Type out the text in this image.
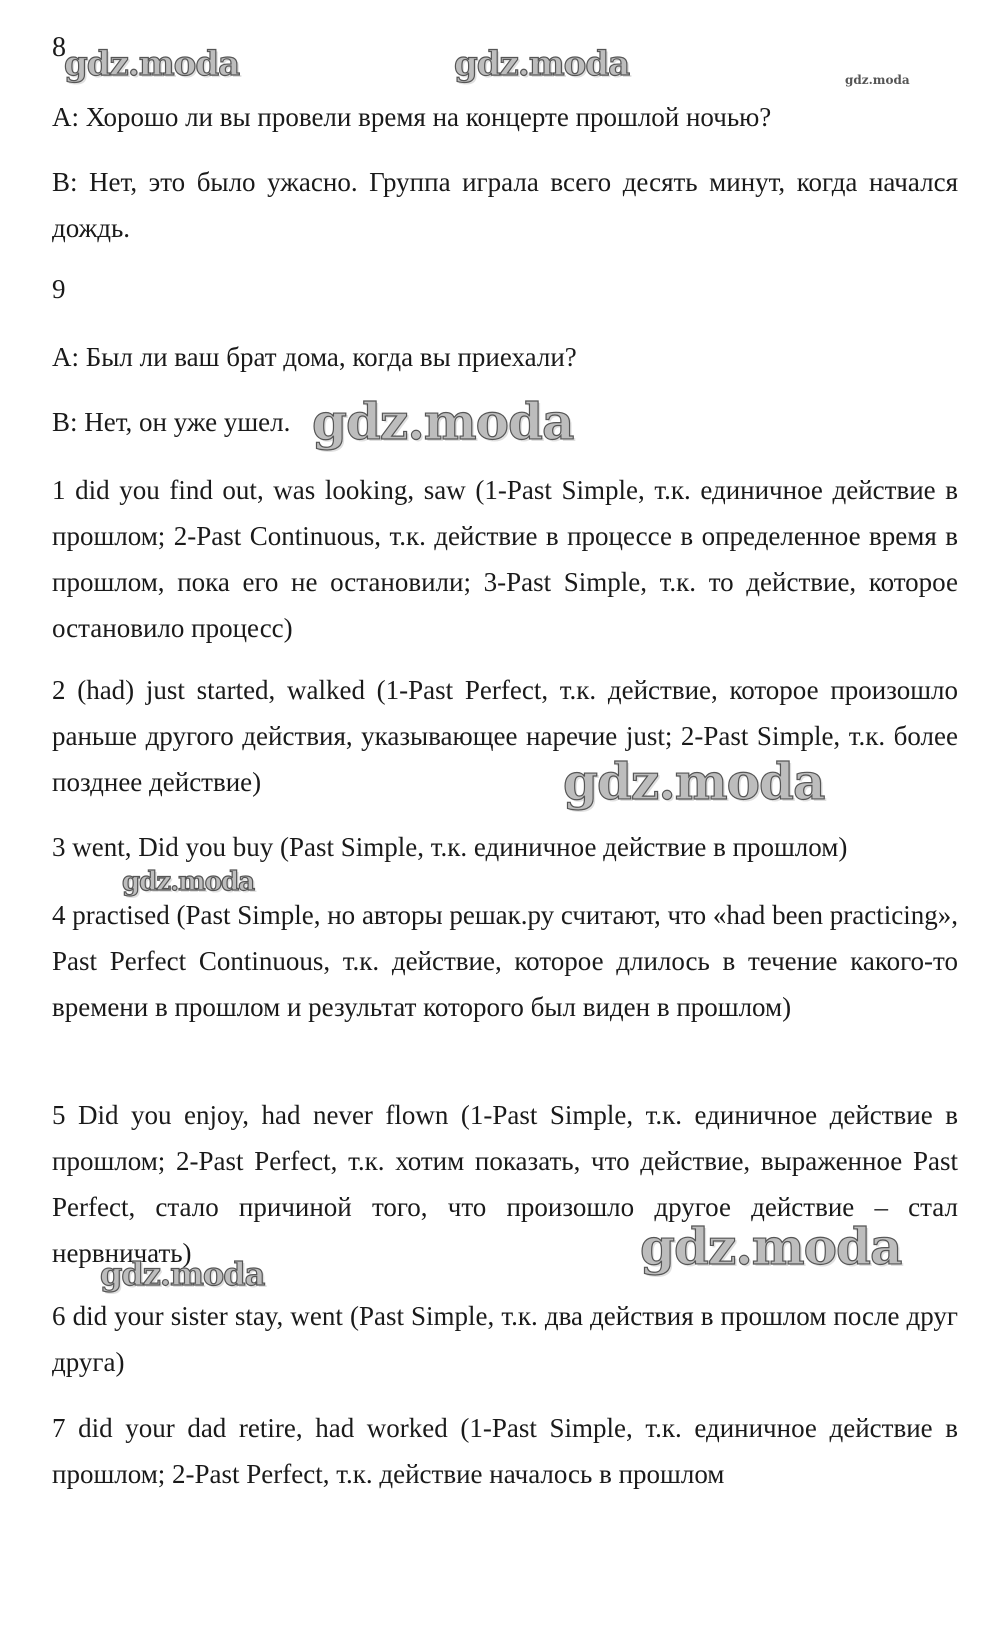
8

А: Хорошо ли вы провели время на концерте прошлой ночью?

В: Нет, это было ужасно. Группа играла всего десять минут, когда начался дождь.

9

А: Был ли ваш брат дома, когда вы приехали?

В: Нет, он уже ушел.

1 did you find out, was looking, saw (1-Past Simple, т.к. единичное действие в прошлом; 2-Past Continuous, т.к. действие в процессе в определенное время в прошлом, пока его не остановили; 3-Past Simple, т.к. то действие, которое остановило процесс)

2 (had) just started, walked (1-Past Perfect, т.к. действие, которое произошло раньше другого действия, указывающее наречие just; 2-Past Simple, т.к. более позднее действие)

3 went, Did you buy (Past Simple, т.к. единичное действие в прошлом)

4 practised (Past Simple, но авторы решак.ру считают, что «had been practicing», Past Perfect Continuous, т.к. действие, которое длилось в течение какого-то времени в прошлом и результат которого был виден в прошлом)

5 Did you enjoy, had never flown (1-Past Simple, т.к. единичное действие в прошлом; 2-Past Perfect, т.к. хотим показать, что действие, выраженное Past Perfect, стало причиной того, что произошло другое действие – стал нервничать)

6 did your sister stay, went (Past Simple, т.к. два действия в прошлом после друг друга)

7 did your dad retire, had worked (1-Past Simple, т.к. единичное действие в прошлом; 2-Past Perfect, т.к. действие началось в прошлом

gdz.moda	gdz.moda	gdz.moda
gdz.moda
gdz.moda
gdz.moda
gdz.moda
gdz.moda
